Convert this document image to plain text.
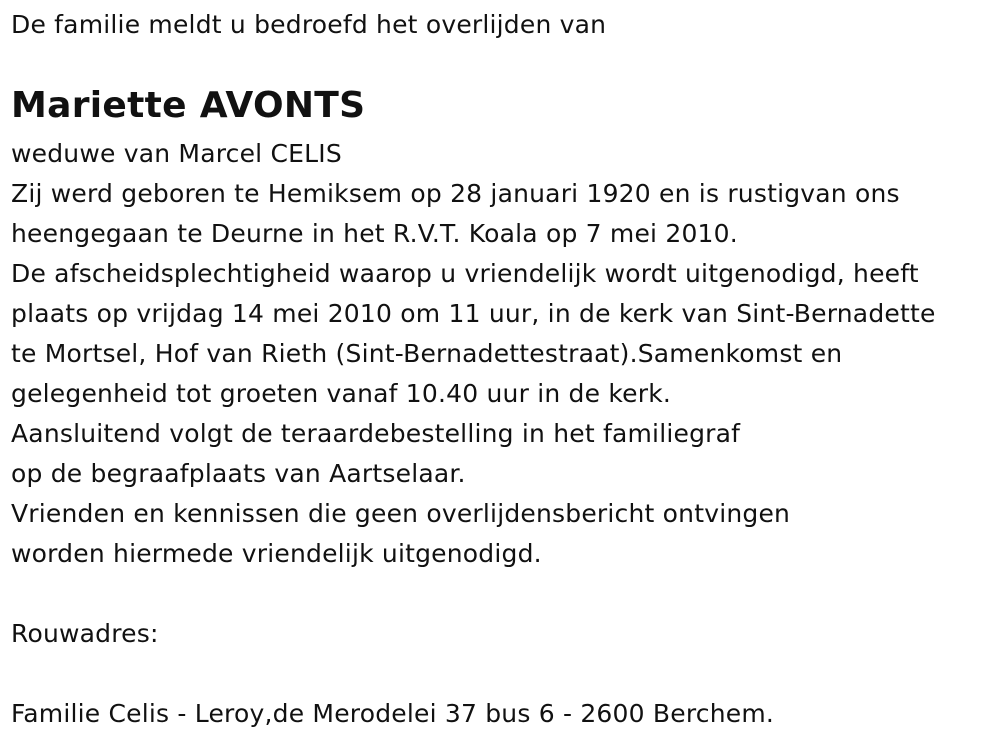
De familie meldt u bedroefd het overlijden van
Mariette AVONTS
weduwe van Marcel CELIS
Zij werd geboren te Hemiksem op 28 januari 1920 en is rustigvan ons
heengegaan te Deurne in het R.V.T. Koala op 7 mei 2010.
De afscheidsplechtigheid waarop u vriendelijk wordt uitgenodigd, heeft
plaats op vrijdag 14 mei 2010 om 11 uur, in de kerk van Sint-Bernadette
te Mortsel, Hof van Rieth (Sint-Bernadettestraat).Samenkomst en
gelegenheid tot groeten vanaf 10.40 uur in de kerk.
Aansluitend volgt de teraardebestelling in het familiegraf
op de begraafplaats van Aartselaar.
Vrienden en kennissen die geen overlijdensbericht ontvingen
worden hiermede vriendelijk uitgenodigd.
Rouwadres:
Familie Celis - Leroy,de Merodelei 37 bus 6 - 2600 Berchem.
